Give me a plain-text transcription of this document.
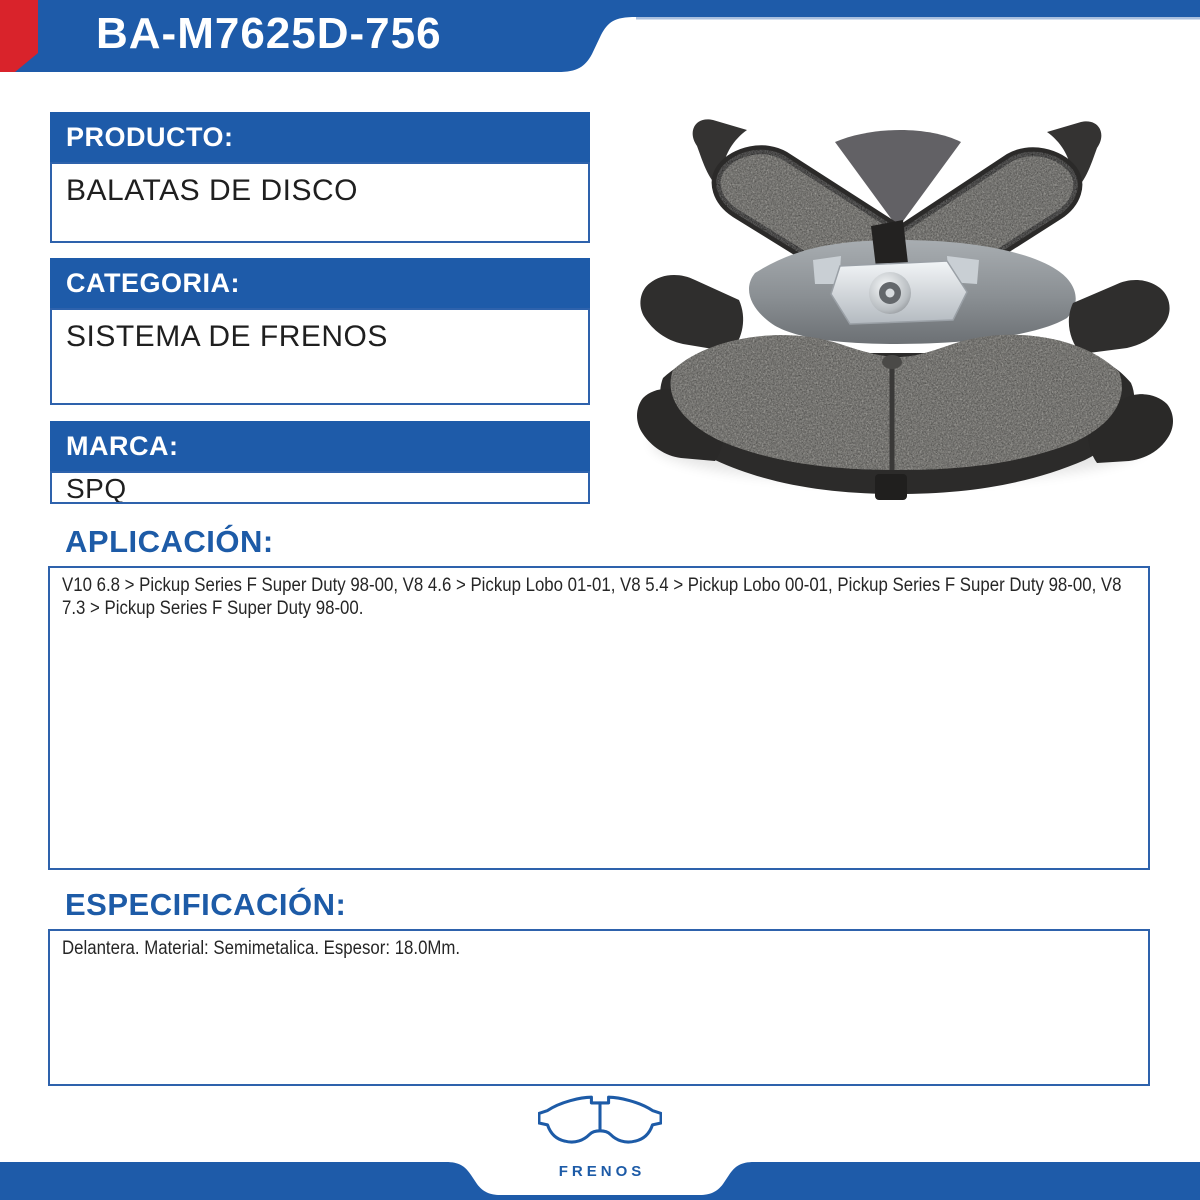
BA-M7625D-756
PRODUCTO:
BALATAS DE DISCO
CATEGORIA:
SISTEMA DE FRENOS
MARCA:
SPQ
APLICACIÓN:
V10 6.8 > Pickup Series F Super Duty 98-00, V8 4.6 > Pickup Lobo 01-01, V8 5.4 > Pickup Lobo 00-01, Pickup Series F Super Duty 98-00, V8 7.3 > Pickup Series F Super Duty 98-00.
ESPECIFICACIÓN:
Delantera. Material: Semimetalica. Espesor: 18.0Mm.
FRENOS
